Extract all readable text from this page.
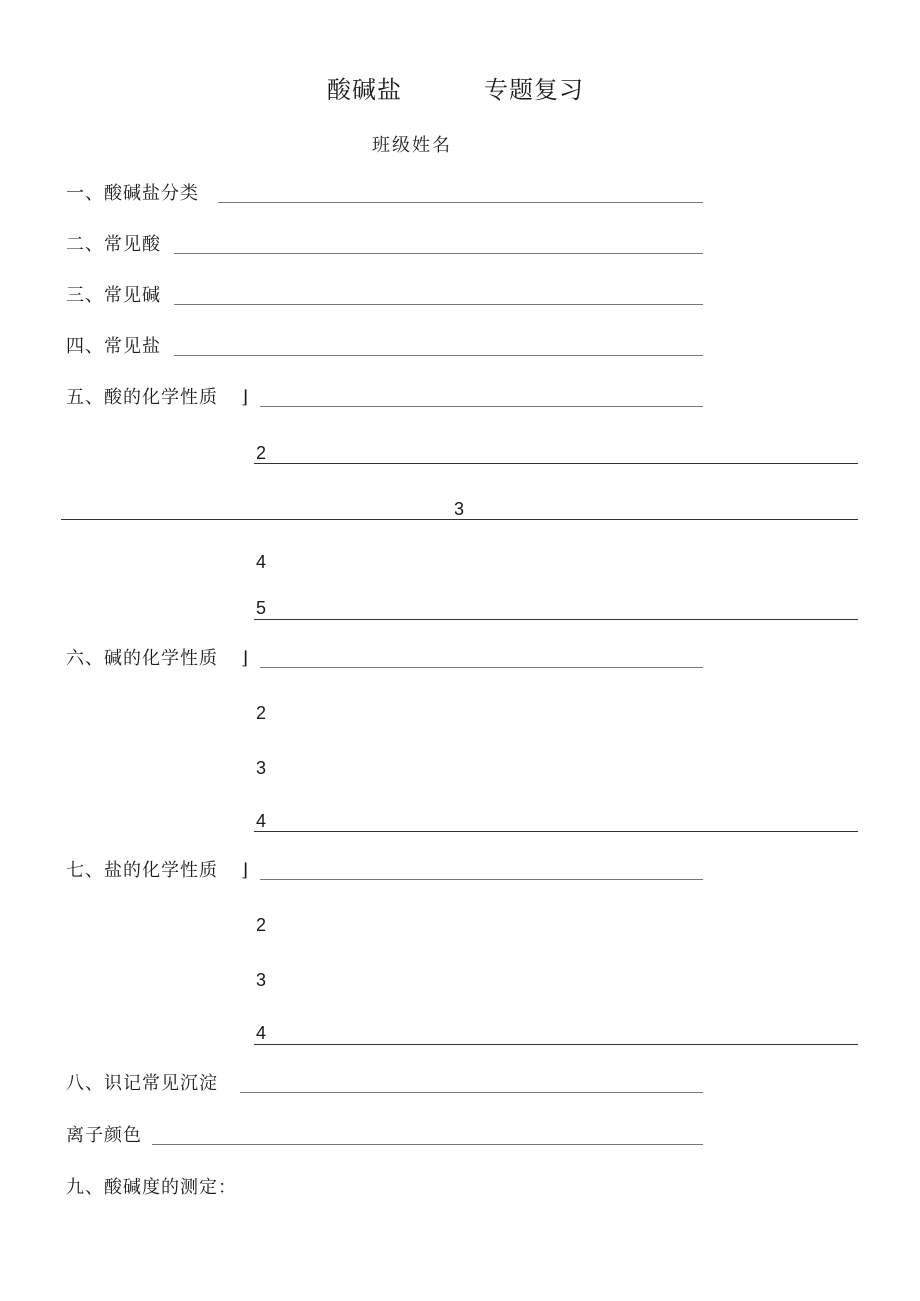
酸碱盐	专题复习
班级姓名
一、酸碱盐分类
二、常见酸
三、常见碱
四、常见盐
五、酸的化学性质 ⌋
2
3
4
5
六、碱的化学性质 ⌋
2
3
4
七、盐的化学性质 ⌋
2
3
4
八、识记常见沉淀
离子颜色
九、酸碱度的测定：
